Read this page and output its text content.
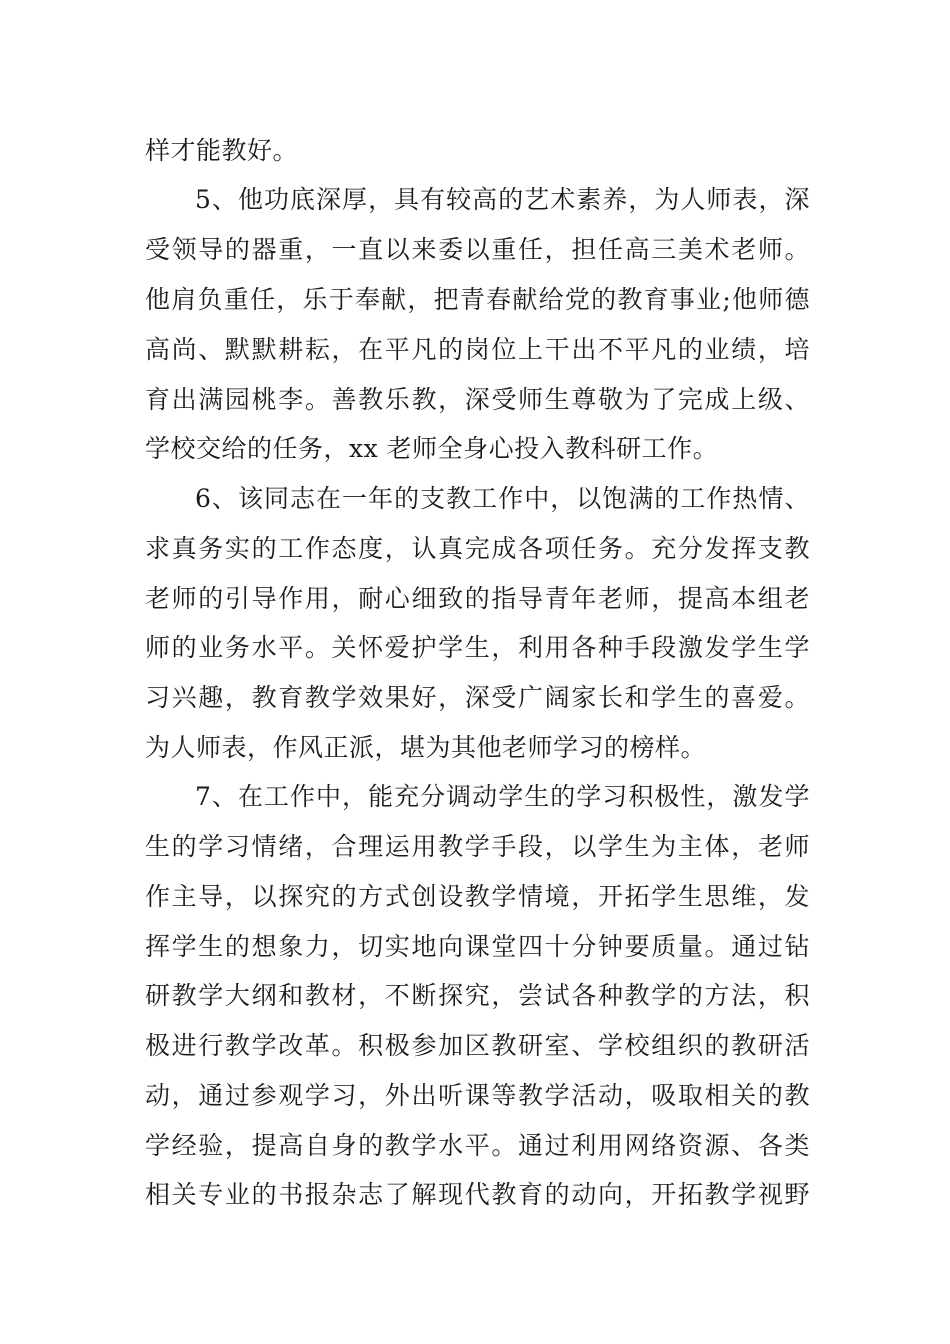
样才能教好。
5、他功底深厚，具有较高的艺术素养，为人师表，深
受领导的器重，一直以来委以重任，担任高三美术老师。
他肩负重任，乐于奉献，把青春献给党的教育事业;他师德
高尚、默默耕耘，在平凡的岗位上干出不平凡的业绩，培
育出满园桃李。善教乐教，深受师生尊敬为了完成上级、
学校交给的任务，xx 老师全身心投入教科研工作。
6、该同志在一年的支教工作中，以饱满的工作热情、
求真务实的工作态度，认真完成各项任务。充分发挥支教
老师的引导作用，耐心细致的指导青年老师，提高本组老
师的业务水平。关怀爱护学生，利用各种手段激发学生学
习兴趣，教育教学效果好，深受广阔家长和学生的喜爱。
为人师表，作风正派，堪为其他老师学习的榜样。
7、在工作中，能充分调动学生的学习积极性，激发学
生的学习情绪，合理运用教学手段，以学生为主体，老师
作主导，以探究的方式创设教学情境，开拓学生思维，发
挥学生的想象力，切实地向课堂四十分钟要质量。通过钻
研教学大纲和教材，不断探究，尝试各种教学的方法，积
极进行教学改革。积极参加区教研室、学校组织的教研活
动，通过参观学习，外出听课等教学活动，吸取相关的教
学经验，提高自身的教学水平。通过利用网络资源、各类
相关专业的书报杂志了解现代教育的动向，开拓教学视野
